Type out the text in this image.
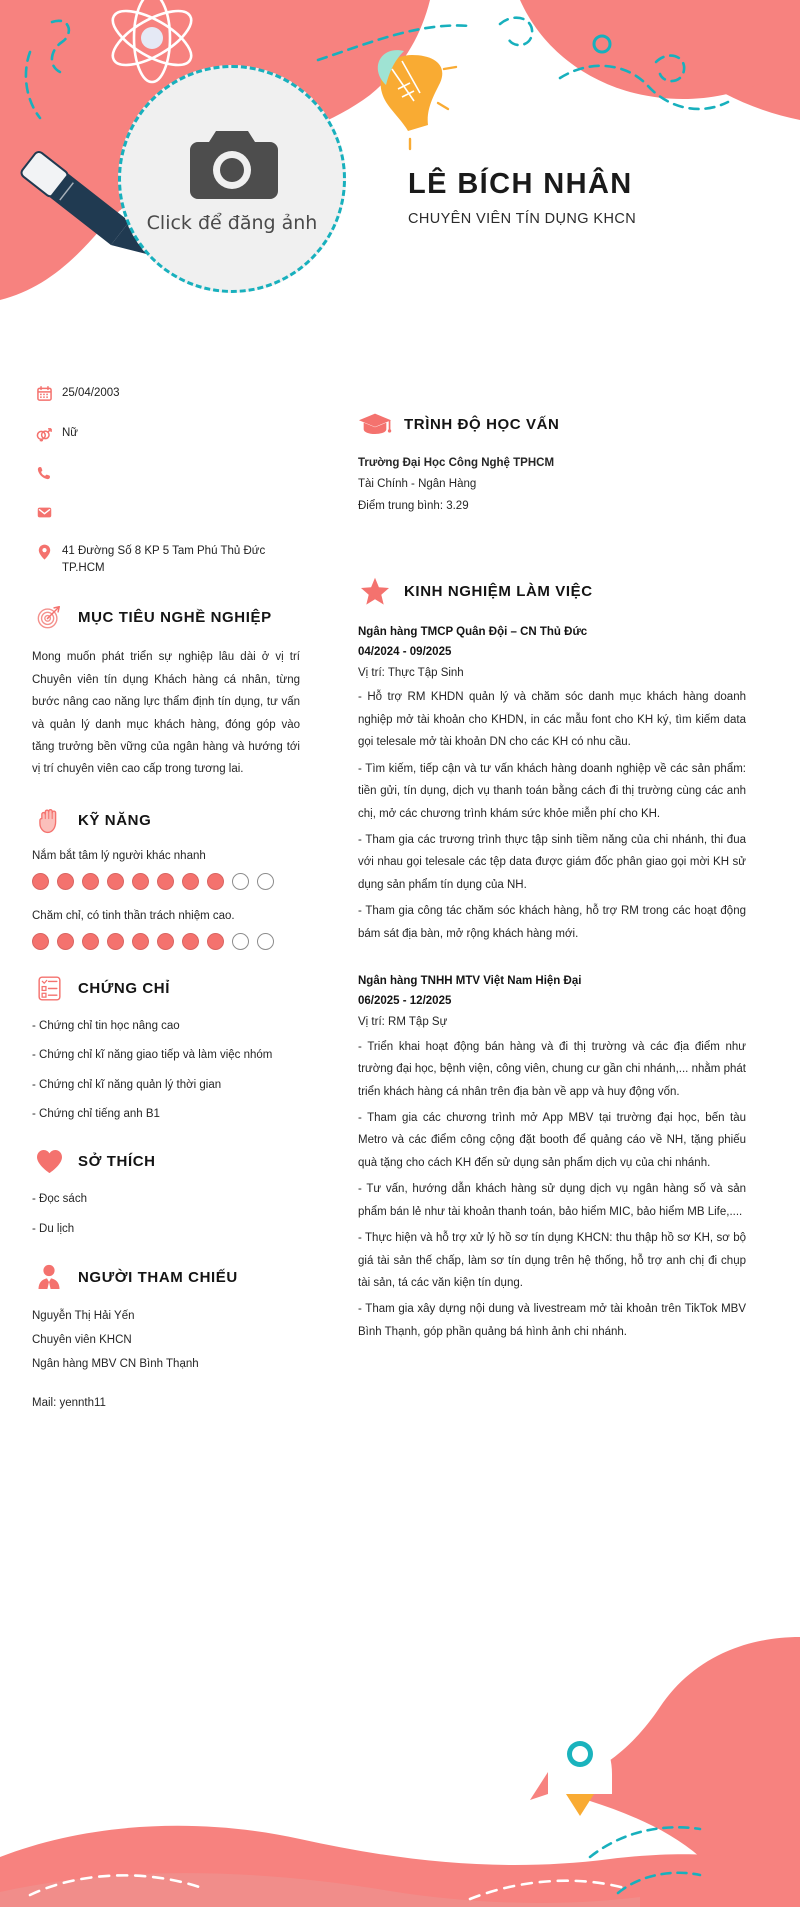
Click để đăng ảnh
LÊ BÍCH NHÂN
CHUYÊN VIÊN TÍN DỤNG KHCN
25/04/2003
Nữ
41 Đường Số 8 KP 5 Tam Phú Thủ Đức TP.HCM
MỤC TIÊU NGHỀ NGHIỆP
Mong muốn phát triển sự nghiệp lâu dài ở vị trí Chuyên viên tín dụng Khách hàng cá nhân, từng bước nâng cao năng lực thẩm định tín dụng, tư vấn và quản lý danh mục khách hàng, đóng góp vào tăng trưởng bền vững của ngân hàng và hướng tới vị trí chuyên viên cao cấp trong tương lai.
KỸ NĂNG
Nắm bắt tâm lý người khác nhanh
Chăm chỉ, có tinh thần trách nhiệm cao.
CHỨNG CHỈ
- Chứng chỉ tin học nâng cao
- Chứng chỉ kĩ năng giao tiếp và làm việc nhóm
- Chứng chỉ kĩ năng quản lý thời gian
- Chứng chỉ tiếng anh B1
SỞ THÍCH
- Đọc sách
- Du lịch
NGƯỜI THAM CHIẾU
Nguyễn Thị Hải Yến
Chuyên viên KHCN
Ngân hàng MBV CN Bình Thạnh
Mail: yennth11
TRÌNH ĐỘ HỌC VẤN
Trường Đại Học Công Nghệ TPHCM
Tài Chính - Ngân Hàng
Điểm trung bình: 3.29
KINH NGHIỆM LÀM VIỆC
Ngân hàng TMCP Quân Đội – CN Thủ Đức
04/2024 - 09/2025
Vị trí: Thực Tập Sinh
- Hỗ trợ RM KHDN quản lý và chăm sóc danh mục khách hàng doanh nghiệp mở tài khoản cho KHDN, in các mẫu font cho KH ký, tìm kiếm data gọi telesale mở tài khoản DN cho các KH có nhu cầu.
- Tìm kiếm, tiếp cận và tư vấn khách hàng doanh nghiệp về các sản phẩm: tiền gửi, tín dụng, dịch vụ thanh toán bằng cách đi thị trường cùng các anh chị, mở các chương trình khám sức khỏe miễn phí cho KH.
- Tham gia các trương trình thực tập sinh tiềm năng của chi nhánh, thi đua với nhau gọi telesale các tệp data được giám đốc phân giao gọi mời KH sử dụng sản phẩm tín dụng của NH.
- Tham gia công tác chăm sóc khách hàng, hỗ trợ RM trong các hoạt động bám sát địa bàn, mở rộng khách hàng mới.
Ngân hàng TNHH MTV Việt Nam Hiện Đại
06/2025 - 12/2025
Vị trí: RM Tập Sự
- Triển khai hoạt động bán hàng và đi thị trường và các địa điểm như trường đại học, bệnh viện, công viên, chung cư gần chi nhánh,... nhằm phát triển khách hàng cá nhân trên địa bàn về app và huy động vốn.
- Tham gia các chương trình mở App MBV tại trường đại học, bến tàu Metro và các điểm công cộng đặt booth để quảng cáo về NH, tặng phiếu quà tặng cho cách KH đến sử dụng sản phẩm dịch vụ của chi nhánh.
- Tư vấn, hướng dẫn khách hàng sử dụng dịch vụ ngân hàng số và sản phẩm bán lẻ như tài khoản thanh toán, bảo hiểm MIC, bảo hiểm MB Life,....
- Thực hiện và hỗ trợ xử lý hồ sơ tín dụng KHCN: thu thập hồ sơ KH, sơ bộ giá tài sản thế chấp, làm sơ tín dụng trên hệ thống, hỗ trợ anh chị đi chụp tài sản, tá các văn kiện tín dụng.
- Tham gia xây dựng nội dung và livestream mở tài khoản trên TikTok MBV Bình Thạnh, góp phần quảng bá hình ảnh chi nhánh.
